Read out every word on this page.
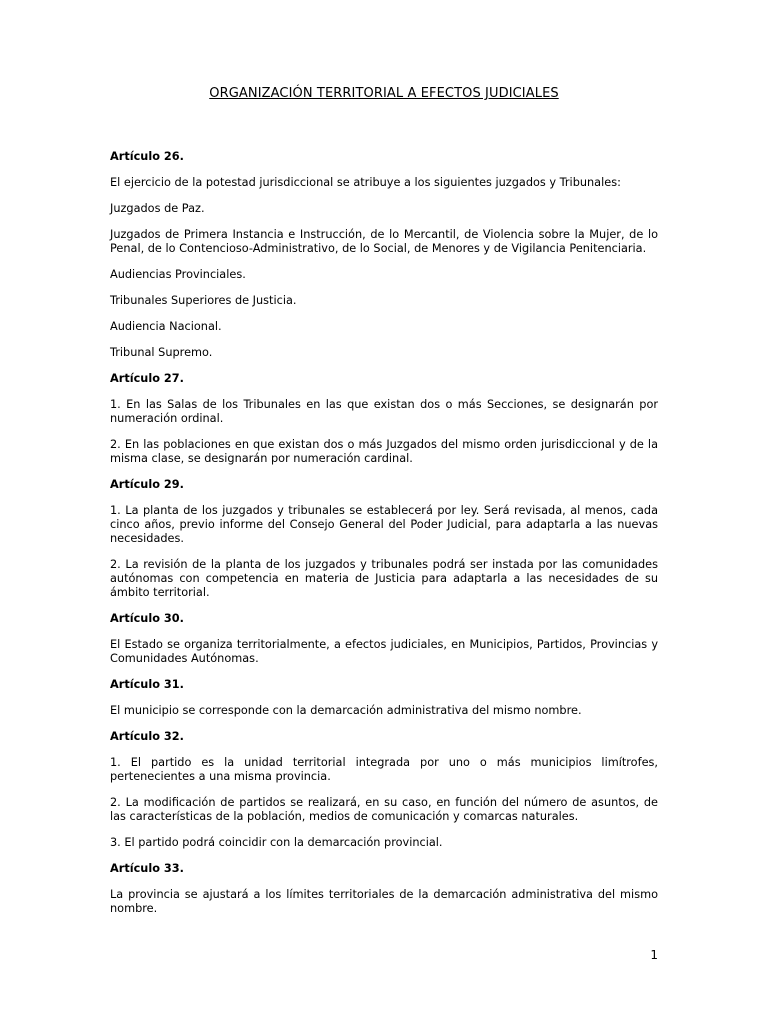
ORGANIZACIÓN TERRITORIAL A EFECTOS JUDICIALES

Artículo 26.

El ejercicio de la potestad jurisdiccional se atribuye a los siguientes juzgados y Tribunales:

Juzgados de Paz.

Juzgados de Primera Instancia e Instrucción, de lo Mercantil, de Violencia sobre la Mujer, de lo Penal, de lo Contencioso-Administrativo, de lo Social, de Menores y de Vigilancia Penitenciaria.

Audiencias Provinciales.

Tribunales Superiores de Justicia.

Audiencia Nacional.

Tribunal Supremo.

Artículo 27.

1. En las Salas de los Tribunales en las que existan dos o más Secciones, se designarán por numeración ordinal.

2. En las poblaciones en que existan dos o más Juzgados del mismo orden jurisdiccional y de la misma clase, se designarán por numeración cardinal.

Artículo 29.

1. La planta de los juzgados y tribunales se establecerá por ley. Será revisada, al menos, cada cinco años, previo informe del Consejo General del Poder Judicial, para adaptarla a las nuevas necesidades.

2. La revisión de la planta de los juzgados y tribunales podrá ser instada por las comunidades autónomas con competencia en materia de Justicia para adaptarla a las necesidades de su ámbito territorial.

Artículo 30.

El Estado se organiza territorialmente, a efectos judiciales, en Municipios, Partidos, Provincias y Comunidades Autónomas.

Artículo 31.

El municipio se corresponde con la demarcación administrativa del mismo nombre.

Artículo 32.

1. El partido es la unidad territorial integrada por uno o más municipios limítrofes, pertenecientes a una misma provincia.

2. La modificación de partidos se realizará, en su caso, en función del número de asuntos, de las características de la población, medios de comunicación y comarcas naturales.

3. El partido podrá coincidir con la demarcación provincial.

Artículo 33.

La provincia se ajustará a los límites territoriales de la demarcación administrativa del mismo nombre.

1
